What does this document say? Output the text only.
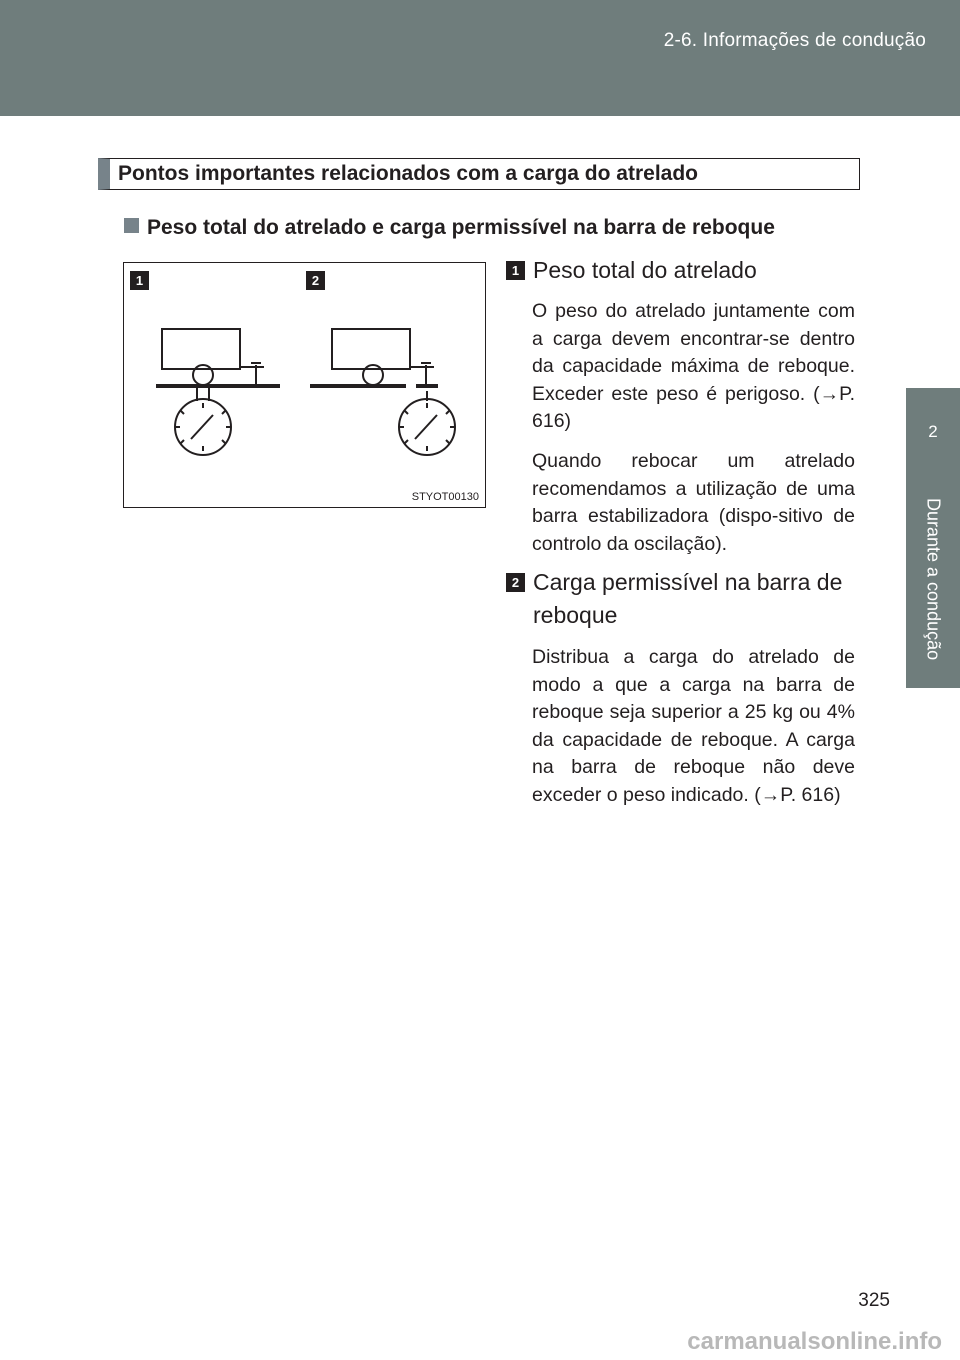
2-6. Informações de condução
2
Durante a condução
Pontos importantes relacionados com a carga do atrelado
Peso total do atrelado e carga permissível na barra de reboque
1	2
STYOT00130
1 Peso total do atrelado
O peso do atrelado juntamente com a carga devem encontrar-se dentro da capacidade máxima de reboque. Exceder este peso é perigoso. (→P. 616)
Quando rebocar um atrelado recomendamos a utilização de uma barra estabilizadora (dispo-sitivo de controlo da oscilação).
2 Carga permissível na barra de reboque
Distribua a carga do atrelado de modo a que a carga na barra de reboque seja superior a 25 kg ou 4% da capacidade de reboque. A carga na barra de reboque não deve exceder o peso indicado. (→P. 616)
325
carmanualsonline.info
